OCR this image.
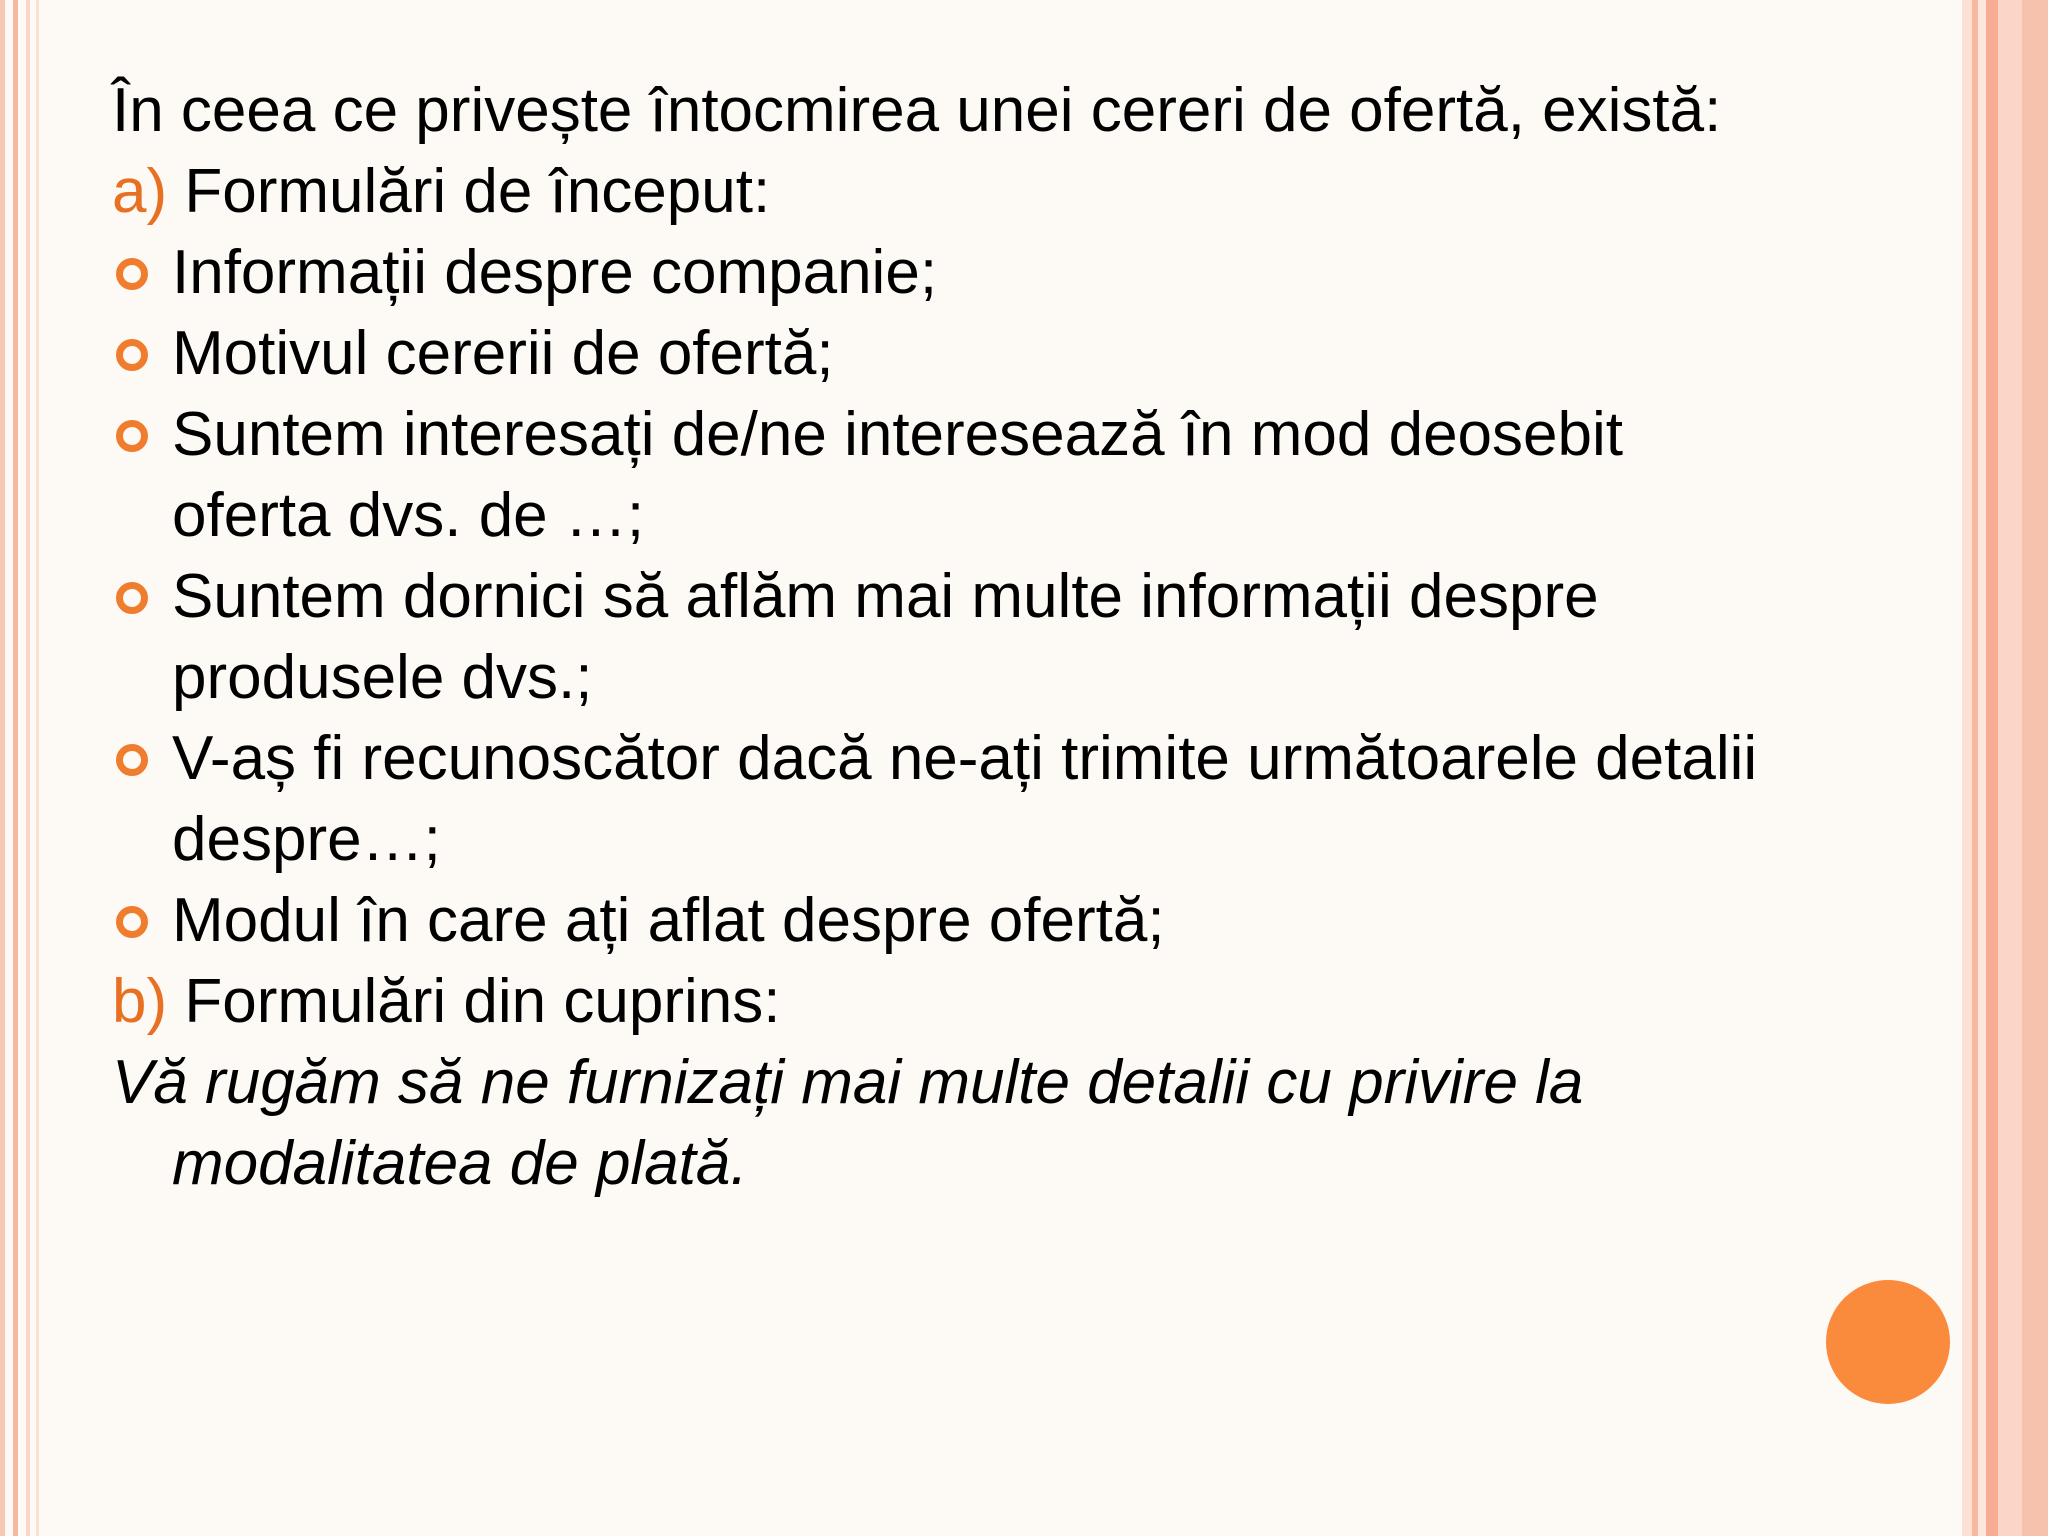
În ceea ce privește întocmirea unei cereri de ofertă, există:
a) Formulări de început:
Informații despre companie;
Motivul cererii de ofertă;
Suntem interesați de/ne interesează în mod deosebit
oferta dvs. de …;
Suntem dornici să aflăm mai multe informații despre
produsele dvs.;
V-aș fi recunoscător dacă ne-ați trimite următoarele detalii
despre…;
Modul în care ați aflat despre ofertă;
b) Formulări din cuprins:
Vă rugăm să ne furnizați mai multe detalii cu privire la
modalitatea de plată.
